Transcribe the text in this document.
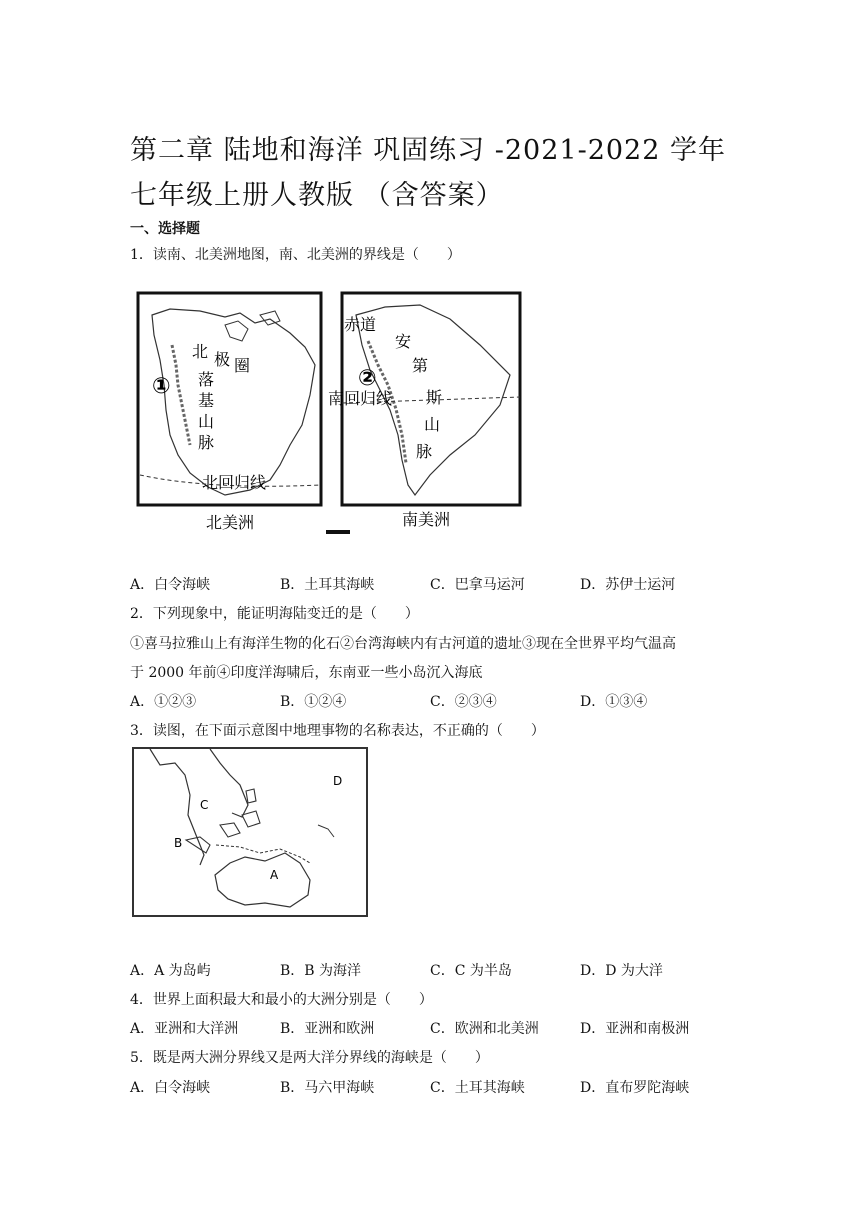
第二章 陆地和海洋 巩固练习 -2021-2022 学年七年级上册人教版 （含答案）
一、选择题
1．读南、北美洲地图，南、北美洲的界线是（　　）
①
北 极 圈
落
基
山
脉
北回归线
北美洲
赤道
②
南回归线
安
第
斯
山
脉
南美洲
A．白令海峡	B．土耳其海峡	C．巴拿马运河	D．苏伊士运河
2．下列现象中，能证明海陆变迁的是（　　）
①喜马拉雅山上有海洋生物的化石②台湾海峡内有古河道的遗址③现在全世界平均气温高
于 2000 年前④印度洋海啸后，东南亚一些小岛沉入海底
A．①②③	B．①②④	C．②③④	D．①③④
3．读图，在下面示意图中地理事物的名称表达，不正确的（　　）
A
B
C
D
A．A 为岛屿	B．B 为海洋	C．C 为半岛	D．D 为大洋
4．世界上面积最大和最小的大洲分别是（　　）
A．亚洲和大洋洲	B．亚洲和欧洲	C．欧洲和北美洲	D．亚洲和南极洲
5．既是两大洲分界线又是两大洋分界线的海峡是（　　）
A．白令海峡	B．马六甲海峡	C．土耳其海峡	D．直布罗陀海峡
